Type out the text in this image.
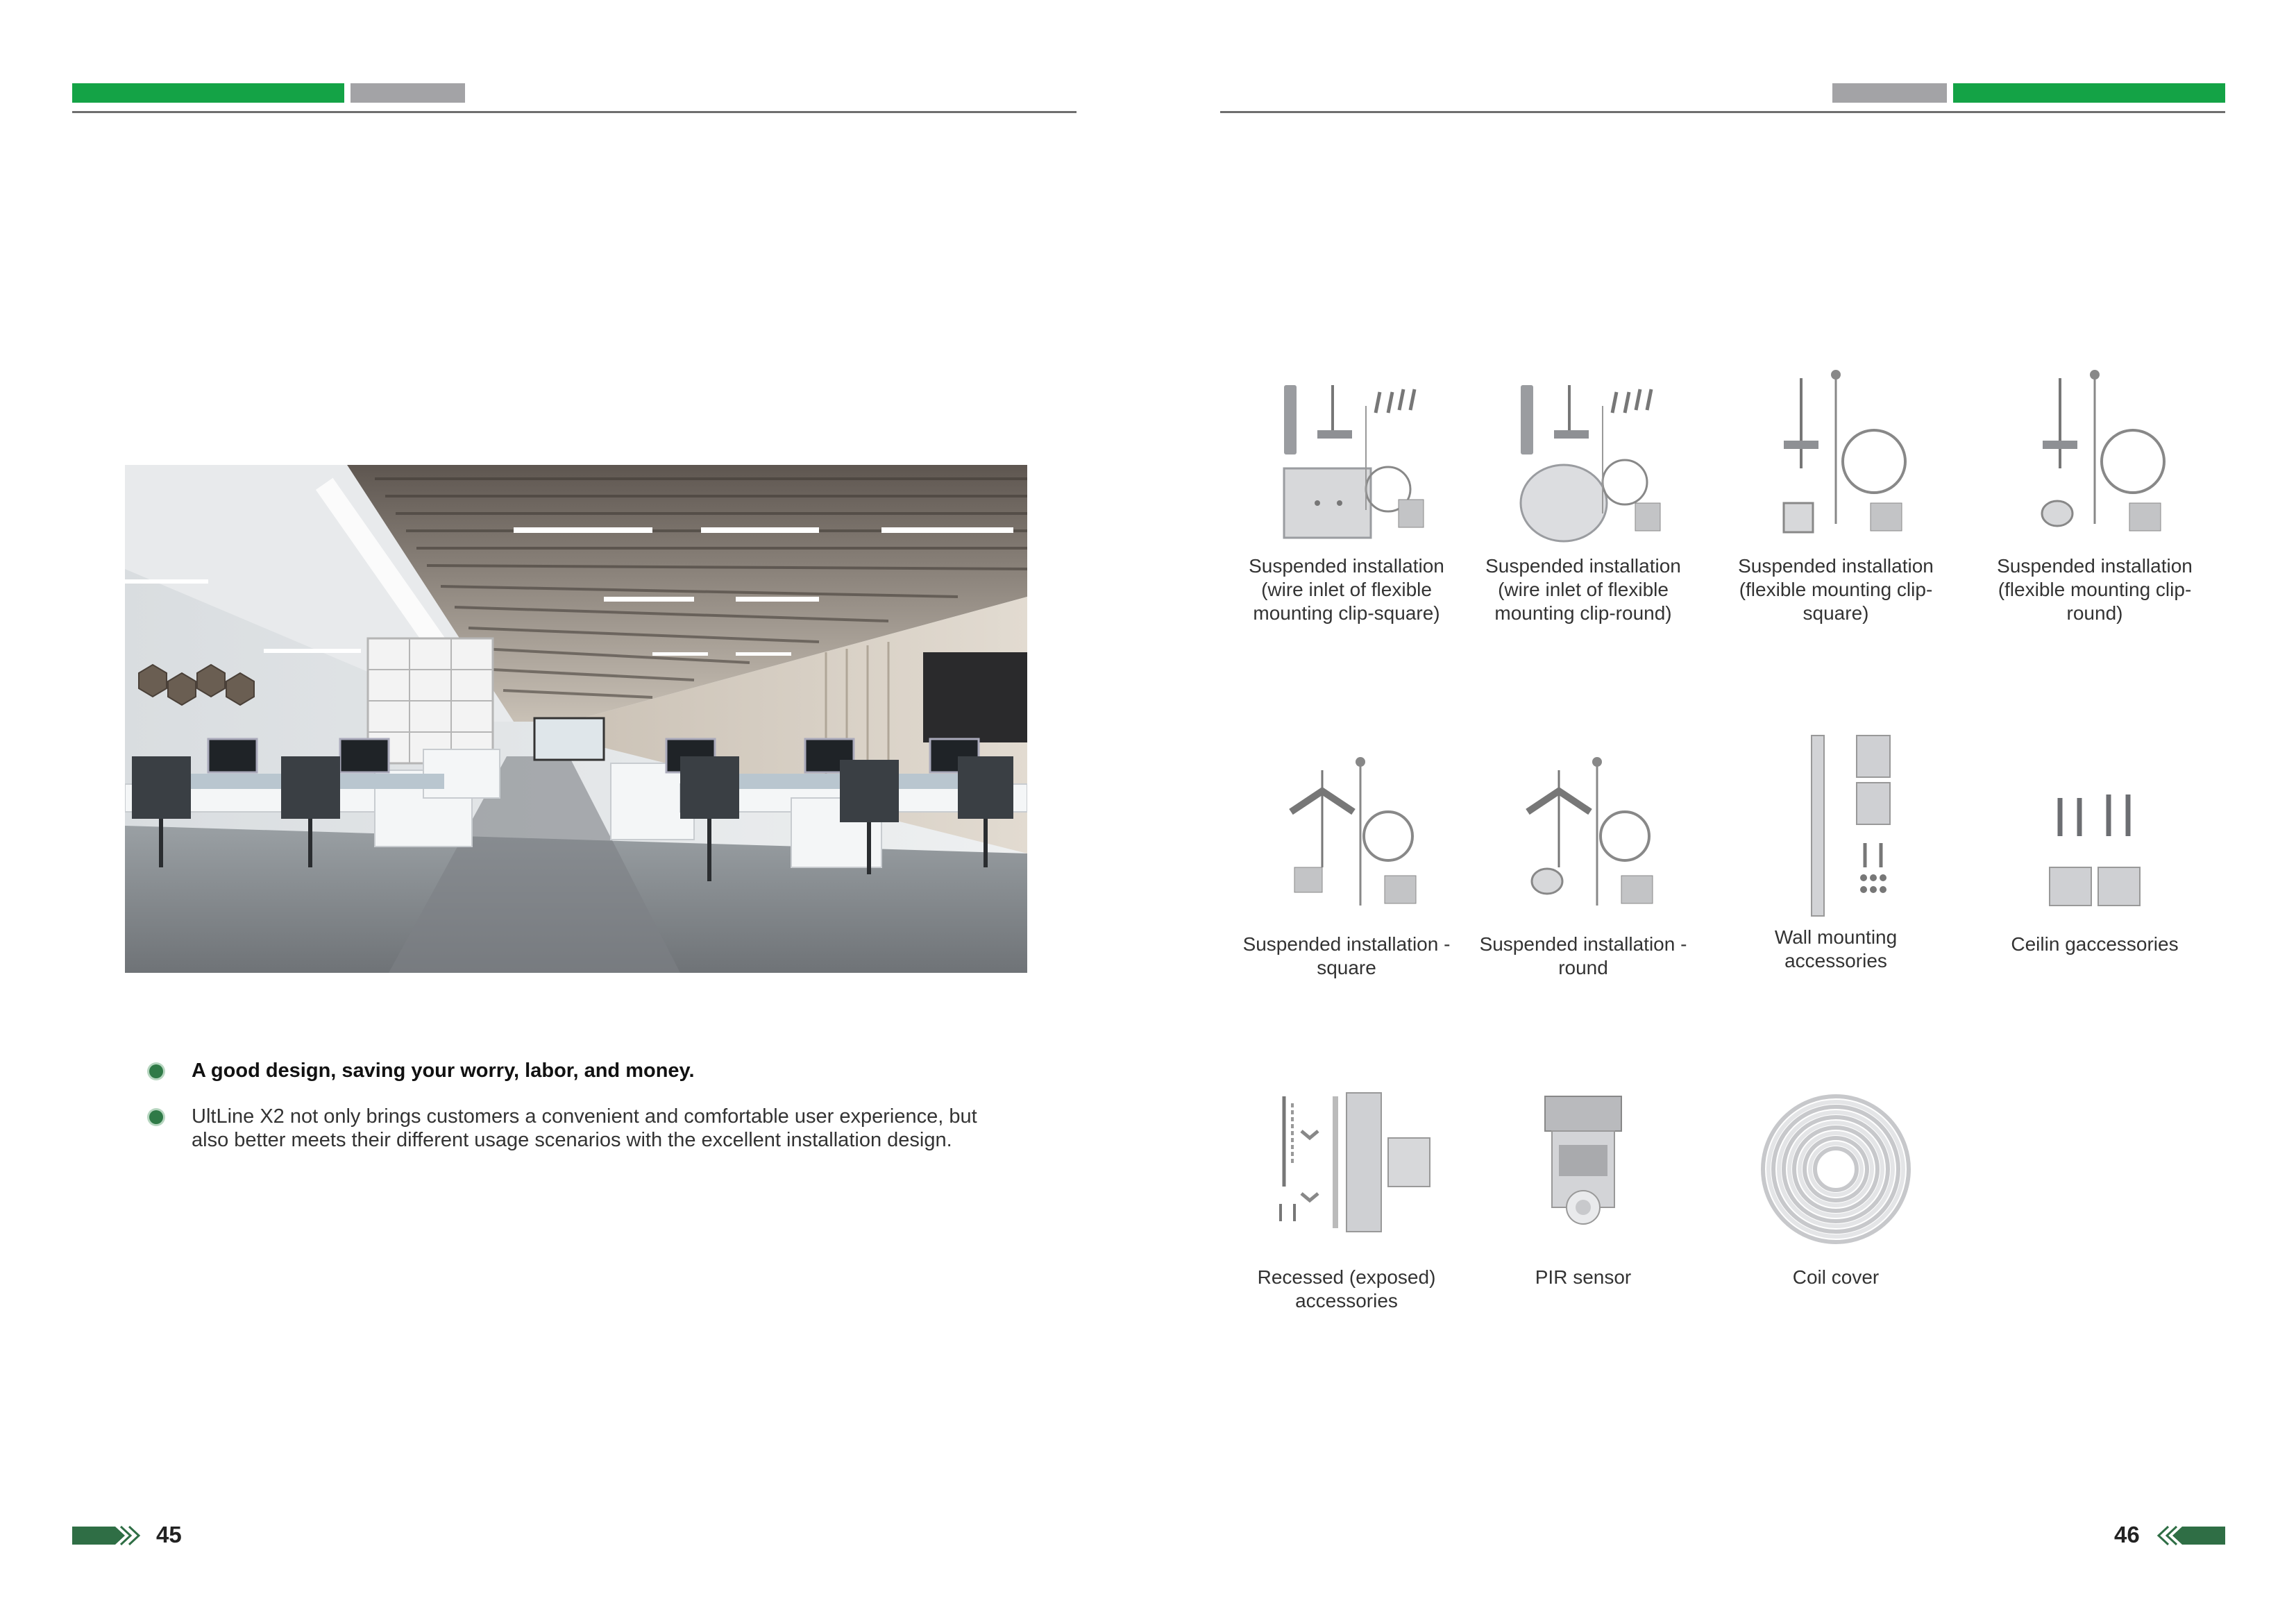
A good design, saving your worry, labor, and money.
UltLine X2 not only brings customers a convenient and comfortable user experience, but also better meets their different usage scenarios with the excellent installation design.
45	46
Suspended installation (wire inlet of flexible mounting clip-square)
Suspended installation (wire inlet of flexible mounting clip-round)
Suspended installation (flexible mounting clip-square)
Suspended installation (flexible mounting clip-round)
Suspended installation - square
Suspended installation - round
Wall mounting accessories
Ceilin gaccessories
Recessed (exposed) accessories
PIR sensor	Coil cover
